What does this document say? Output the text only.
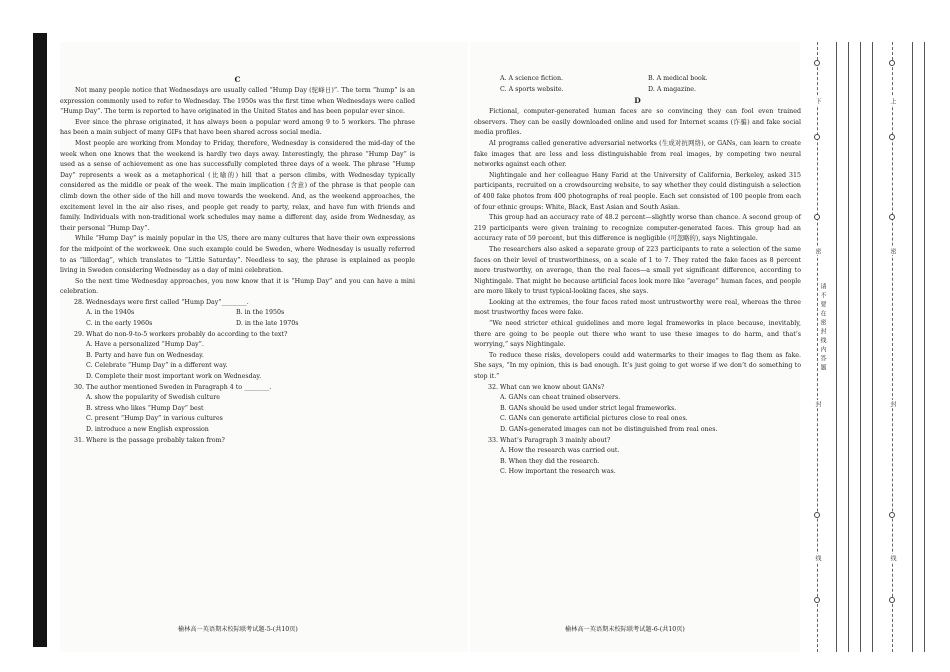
C

Not many people notice that Wednesdays are usually called “Hump Day (驼峰日)”. The term “hump” is an expression commonly used to refer to Wednesday. The 1950s was the first time when Wednesdays were called “Hump Day”. The term is reported to have originated in the United States and has been popular ever since.

Ever since the phrase originated, it has always been a popular word among 9 to 5 workers. The phrase has been a main subject of many GIFs that have been shared across social media.

Most people are working from Monday to Friday, therefore, Wednesday is considered the mid-day of the week when one knows that the weekend is hardly two days away. Interestingly, the phrase “Hump Day” is used as a sense of achievement as one has successfully completed three days of a week. The phrase “Hump Day” represents a week as a metaphorical (比喻的) hill that a person climbs, with Wednesday typically considered as the middle or peak of the week. The main implication (含意) of the phrase is that people can climb down the other side of the hill and move towards the weekend. And, as the weekend approaches, the excitement level in the air also rises, and people get ready to party, relax, and have fun with friends and family. Individuals with non-traditional work schedules may name a different day, aside from Wednesday, as their personal “Hump Day”.

While “Hump Day” is mainly popular in the US, there are many cultures that have their own expressions for the midpoint of the workweek. One such example could be Sweden, where Wednesday is usually referred to as “lillordag”, which translates to “Little Saturday”. Needless to say, the phrase is explained as people living in Sweden considering Wednesday as a day of mini celebration.

So the next time Wednesday approaches, you now know that it is “Hump Day” and you can have a mini celebration.

28. Wednesdays were first called “Hump Day”________.

A. in the 1940s	B. in the 1950s
C. in the early 1960s	D. in the late 1970s

29. What do non-9-to-5 workers probably do according to the text?

A. Have a personalized “Hump Day”.
B. Party and have fun on Wednesday.
C. Celebrate “Hump Day” in a different way.
D. Complete their most important work on Wednesday.

30. The author mentioned Sweden in Paragraph 4 to ________.

A. show the popularity of Swedish culture
B. stress who likes “Hump Day” best
C. present “Hump Day” in various cultures
D. introduce a new English expression

31. Where is the passage probably taken from?

榆林高一英语期末校际联考试题-5-(共10页)
A. A science fiction.	B. A medical book.
C. A sports website.	D. A magazine.
D

Fictional, computer-generated human faces are so convincing they can fool even trained observers. They can be easily downloaded online and used for Internet scams (诈骗) and fake social media profiles.

AI programs called generative adversarial networks (生成对抗网络), or GANs, can learn to create fake images that are less and less distinguishable from real images, by competing two neural networks against each other.

Nightingale and her colleague Hany Farid at the University of California, Berkeley, asked 315 participants, recruited on a crowdsourcing website, to say whether they could distinguish a selection of 400 fake photos from 400 photographs of real people. Each set consisted of 100 people from each of four ethnic groups: White, Black, East Asian and South Asian.

This group had an accuracy rate of 48.2 percent—slightly worse than chance. A second group of 219 participants were given training to recognize computer-generated faces. This group had an accuracy rate of 59 percent, but this difference is negligible (可忽略的), says Nightingale.

The researchers also asked a separate group of 223 participants to rate a selection of the same faces on their level of trustworthiness, on a scale of 1 to 7. They rated the fake faces as 8 percent more trustworthy, on average, than the real faces—a small yet significant difference, according to Nightingale. That might be because artificial faces look more like “average” human faces, and people are more likely to trust typical-looking faces, she says.

Looking at the extremes, the four faces rated most untrustworthy were real, whereas the three most trustworthy faces were fake.

“We need stricter ethical guidelines and more legal frameworks in place because, inevitably, there are going to be people out there who want to use these images to do harm, and that’s worrying,” says Nightingale.

To reduce these risks, developers could add watermarks to their images to flag them as fake. She says, “In my opinion, this is bad enough. It’s just going to get worse if we don’t do something to stop it.”

32. What can we know about GANs?

A. GANs can cheat trained observers.
B. GANs should be used under strict legal frameworks.
C. GANs can generate artificial pictures close to real ones.
D. GANs-generated images can not be distinguished from real ones.

33. What’s Paragraph 3 mainly about?

A. How the research was carried out.
B. When they did the research.
C. How important the research was.
榆林高一英语期末校际联考试题-6-(共10页)
下	上
密	密
封	封
线	线
请不要在密封线内答题
